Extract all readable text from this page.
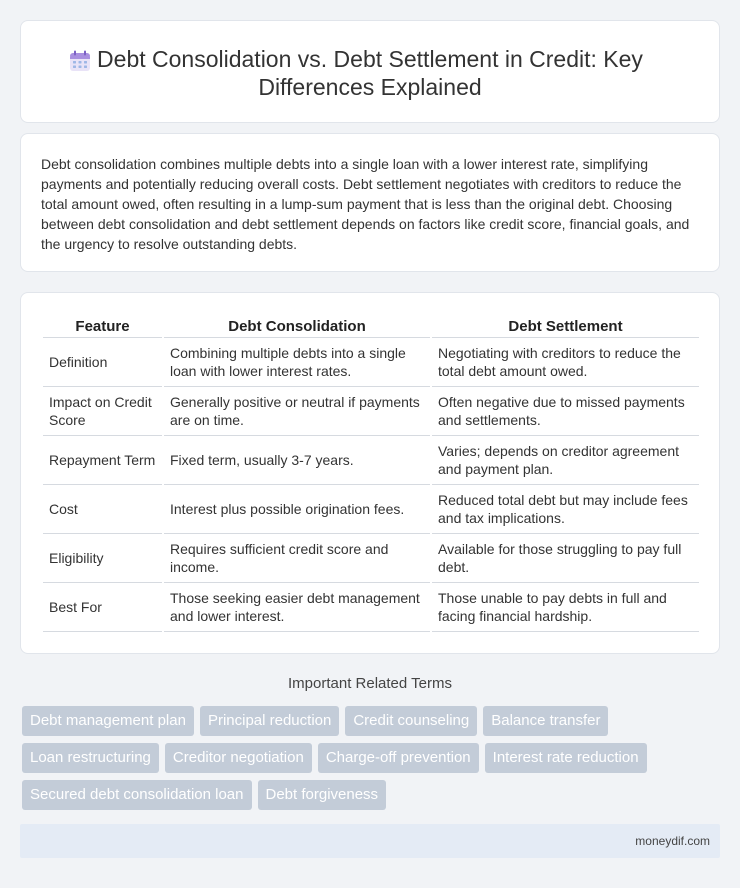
Debt Consolidation vs. Debt Settlement in Credit: Key Differences Explained

Debt consolidation combines multiple debts into a single loan with a lower interest rate, simplifying payments and potentially reducing overall costs. Debt settlement negotiates with creditors to reduce the total amount owed, often resulting in a lump-sum payment that is less than the original debt. Choosing between debt consolidation and debt settlement depends on factors like credit score, financial goals, and the urgency to resolve outstanding debts.

Feature	Debt Consolidation	Debt Settlement
Definition	Combining multiple debts into a single loan with lower interest rates.	Negotiating with creditors to reduce the total debt amount owed.
Impact on Credit Score	Generally positive or neutral if payments are on time.	Often negative due to missed payments and settlements.
Repayment Term	Fixed term, usually 3-7 years.	Varies; depends on creditor agreement and payment plan.
Cost	Interest plus possible origination fees.	Reduced total debt but may include fees and tax implications.
Eligibility	Requires sufficient credit score and income.	Available for those struggling to pay full debt.
Best For	Those seeking easier debt management and lower interest.	Those unable to pay debts in full and facing financial hardship.
Important Related Terms
Debt management plan	Principal reduction	Credit counseling	Balance transfer
Loan restructuring	Creditor negotiation	Charge-off prevention	Interest rate reduction
Secured debt consolidation loan	Debt forgiveness
moneydif.com
